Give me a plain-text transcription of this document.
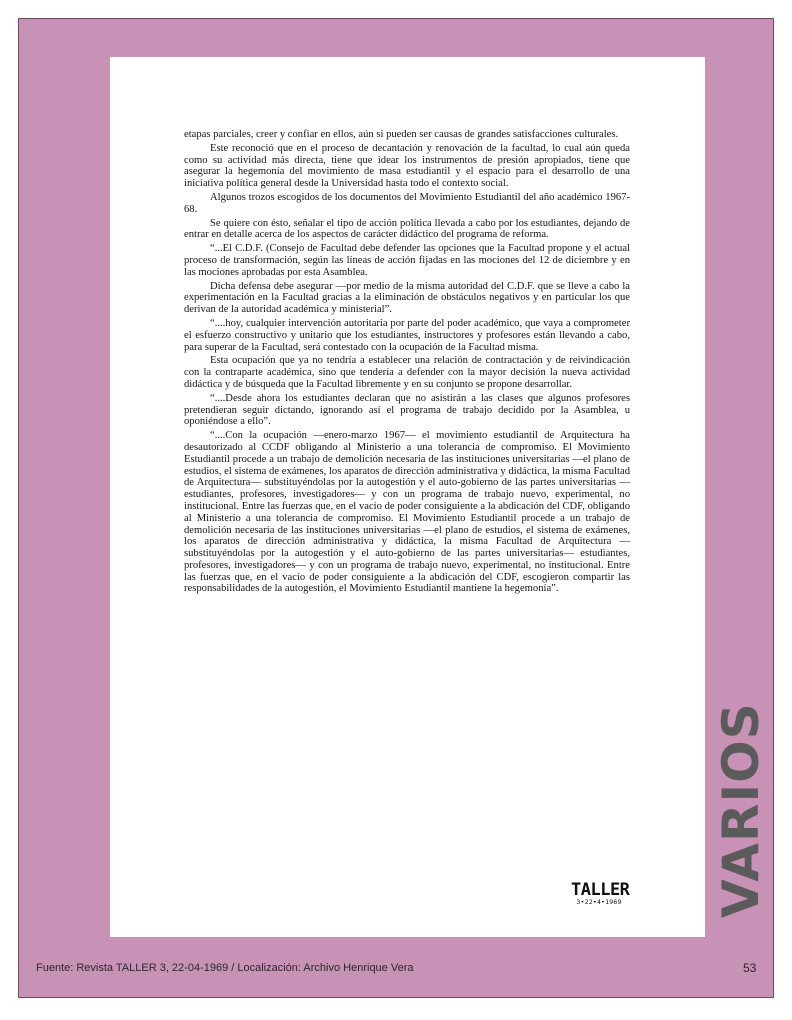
etapas parciales, creer y confiar en ellos, aún si pueden ser causas de grandes satisfacciones culturales.

Este reconoció que en el proceso de decantación y renovación de la facultad, lo cual aún queda como su actividad más directa, tiene que idear los instrumentos de presión apropiados, tiene que asegurar la hegemonía del movimiento de masa estudiantil y el espacio para el desarrollo de una iniciativa política general desde la Universidad hasta todo el contexto social.

Algunos trozos escogidos de los documentos del Movimiento Estudiantil del año académico 1967-68.

Se quiere con ésto, señalar el tipo de acción política llevada a cabo por los estudiantes, dejando de entrar en detalle acerca de los aspectos de carácter didáctico del programa de reforma.

“...El C.D.F. (Consejo de Facultad debe defender las opciones que la Facultad propone y el actual proceso de transformación, según las líneas de acción fijadas en las mociones del 12 de diciembre y en las mociones aprobadas por esta Asamblea.

Dicha defensa debe asegurar —por medio de la misma autoridad del C.D.F. que se lleve a cabo la experimentación en la Facultad gracias a la eliminación de obstáculos negativos y en particular los que derivan de la autoridad académica y ministerial”.

“....hoy, cualquier intervención autoritaria por parte del poder académico, que vaya a comprometer el esfuerzo constructivo y unitario que los estudiantes, instructores y profesores están llevando a cabo, para superar de la Facultad, será contestado con la ocupación de la Facultad misma.

Esta ocupación que ya no tendría a establecer una relación de contractación y de reivindicación con la contraparte académica, sino que tendería a defender con la mayor decisión la nueva actividad didáctica y de búsqueda que la Facultad libremente y en su conjunto se propone desarrollar.

“....Desde ahora los estudiantes declaran que no asistirán a las clases que algunos profesores pretendieran seguir dictando, ignorando así el programa de trabajo decidido por la Asamblea, u oponiéndose a ello”.

“....Con la ocupación —enero-marzo 1967— el movimiento estudiantil de Arquitectura ha desautorizado al CCDF obligando al Ministerio a una tolerancia de compromiso. El Movimiento Estudiantil procede a un trabajo de demolición necesaria de las instituciones universitarias —el plano de estudios, el sistema de exámenes, los aparatos de dirección administrativa y didáctica, la misma Facultad de Arquitectura— substituyéndolas por la autogestión y el auto-gobierno de las partes universitarias —estudiantes, profesores, investigadores— y con un programa de trabajo nuevo, experimental, no institucional. Entre las fuerzas que, en el vacío de poder consiguiente a la abdicación del CDF, obligando al Ministerio a una tolerancia de compromiso. El Movimiento Estudiantil procede a un trabajo de demolición necesaria de las instituciones universitarias —el plano de estudios, el sistema de exámenes, los aparatos de dirección administrativa y didáctica, la misma Facultad de Arquitectura —substituyéndolas por la autogestión y el auto-gobierno de las partes universitarias— estudiantes, profesores, investigadores— y con un programa de trabajo nuevo, experimental, no institucional. Entre las fuerzas que, en el vacío de poder consiguiente a la abdicación del CDF, escogieron compartir las responsabilidades de la autogestión, el Movimiento Estudiantil mantiene la hegemonía”.

TALLER
3•22•4•1969
Fuente: Revista TALLER 3, 22-04-1969 / Localización: Archivo Henrique Vera	53
VARIOS
